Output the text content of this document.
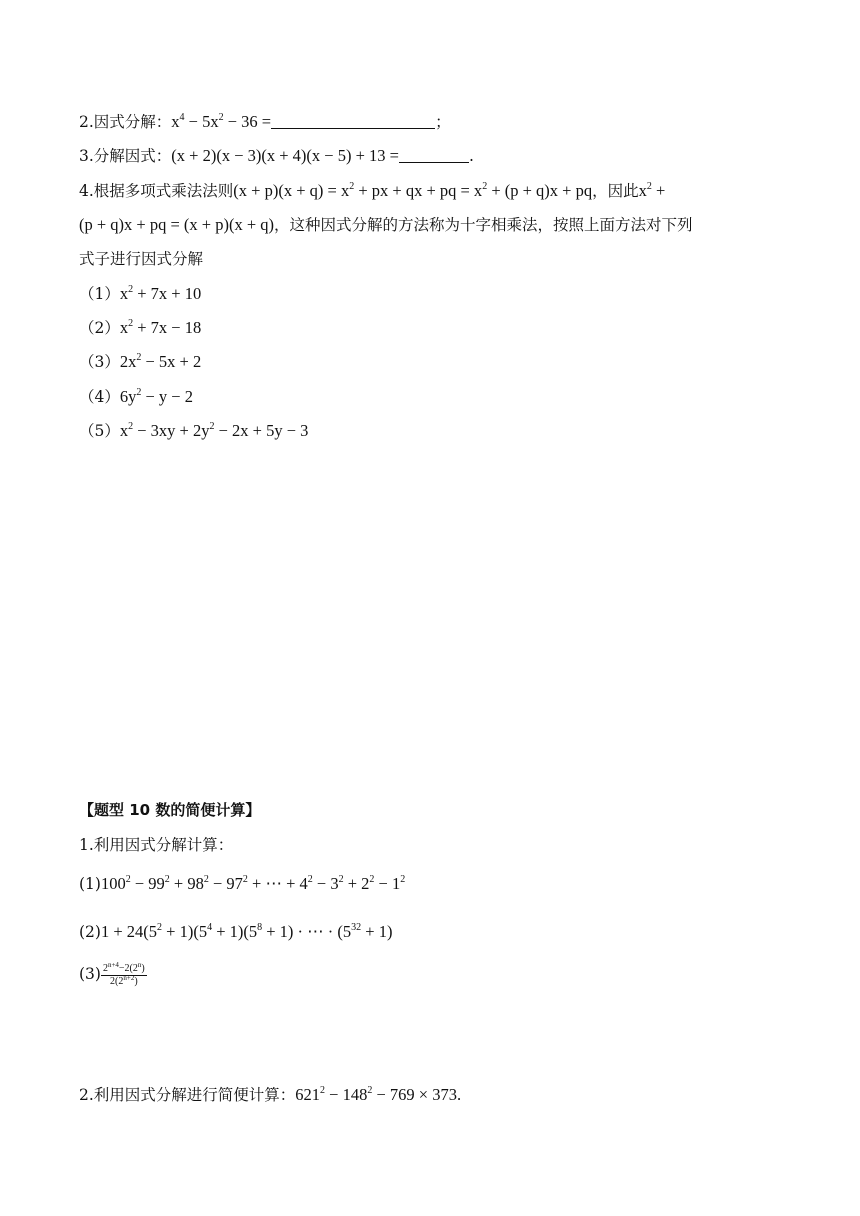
2.因式分解：$x^4 - 5x^2 - 36$ =	；
3.分解因式：(x + 2)(x − 3)(x + 4)(x − 5) + 13 =	.
4.根据多项式乘法法则$(x + p)(x + q) = x^2$ + px + qx + pq = $x^2 + (p + q)x$ + pq，因此$x^2$ +
(p + q)x + pq = (x + p)(x + q)，这种因式分解的方法称为十字相乘法，按照上面方法对下列
式子进行因式分解
$(1)x^2 + 7x + 10$
$(2)x^2 + 7x - 18$
$(3)2x^2 - 5x + 2$
$(4)6y^2 - y - 2$
$(5)x^2 - 3xy + 2y^2 - 2x + 5y - 3$
【题型 10 数的简便计算】
1.利用因式分解计算：
$(1)100^2 - 99^2 + 98^2 - 97^2$ + ⋯ + $4^2 - 3^2 + 2^2 - 1^2$
$(2)1 + 24(5^2 + 1)(5^4 + 1)(5^8 + 1)$ · ⋯ · $(5^{32} + 1)$
$(3) \frac{2^{n+4}-2(2^n)}{2(2^{n+2})}$
2.利用因式分解进行简便计算：$621^2 - 148^2 - 769 \times 373$.
